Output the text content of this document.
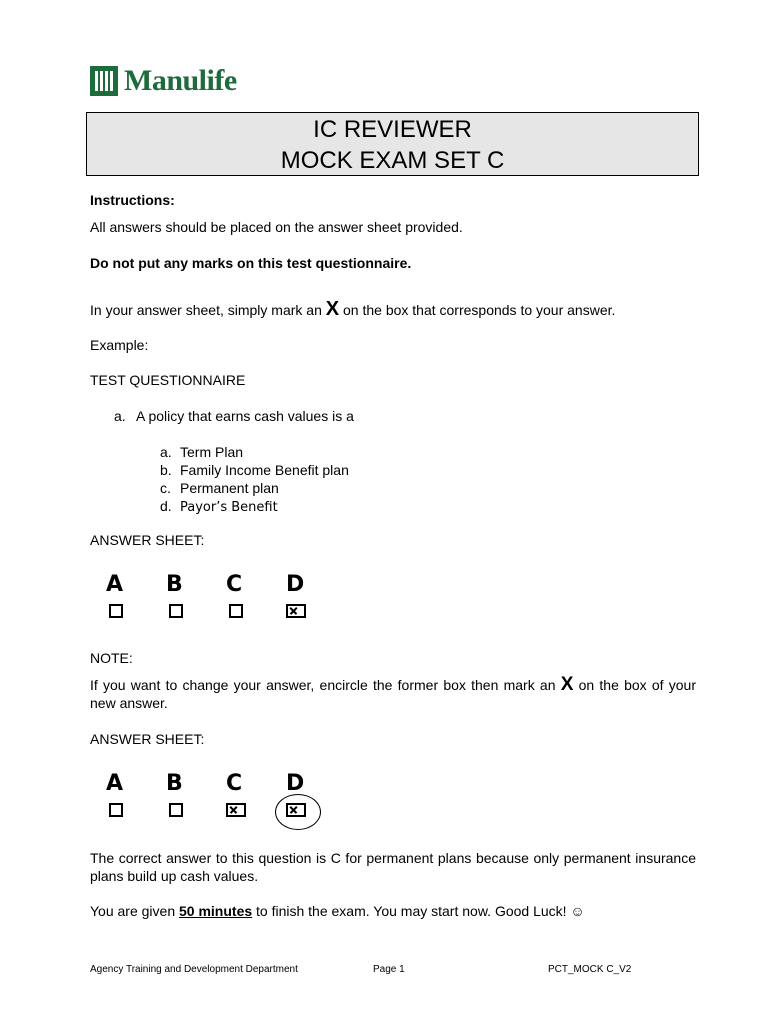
Manulife
IC REVIEWER
MOCK EXAM SET C
Instructions:
All answers should be placed on the answer sheet provided.
Do not put any marks on this test questionnaire.
In your answer sheet, simply mark an X on the box that corresponds to your answer.
Example:
TEST QUESTIONNAIRE
a. A policy that earns cash values is a
a. Term Plan
b. Family Income Benefit plan
c. Permanent plan
d. Payor’s Benefit
ANSWER SHEET:
A	B	C	D
NOTE:
If you want to change your answer, encircle the former box then mark an X on the box of your new answer.
ANSWER SHEET:
A	B	C	D
The correct answer to this question is C for permanent plans because only permanent insurance plans build up cash values.
You are given 50 minutes to finish the exam. You may start now. Good Luck! ☺
Agency Training and Development Department	Page 1	PCT_MOCK C_V2
